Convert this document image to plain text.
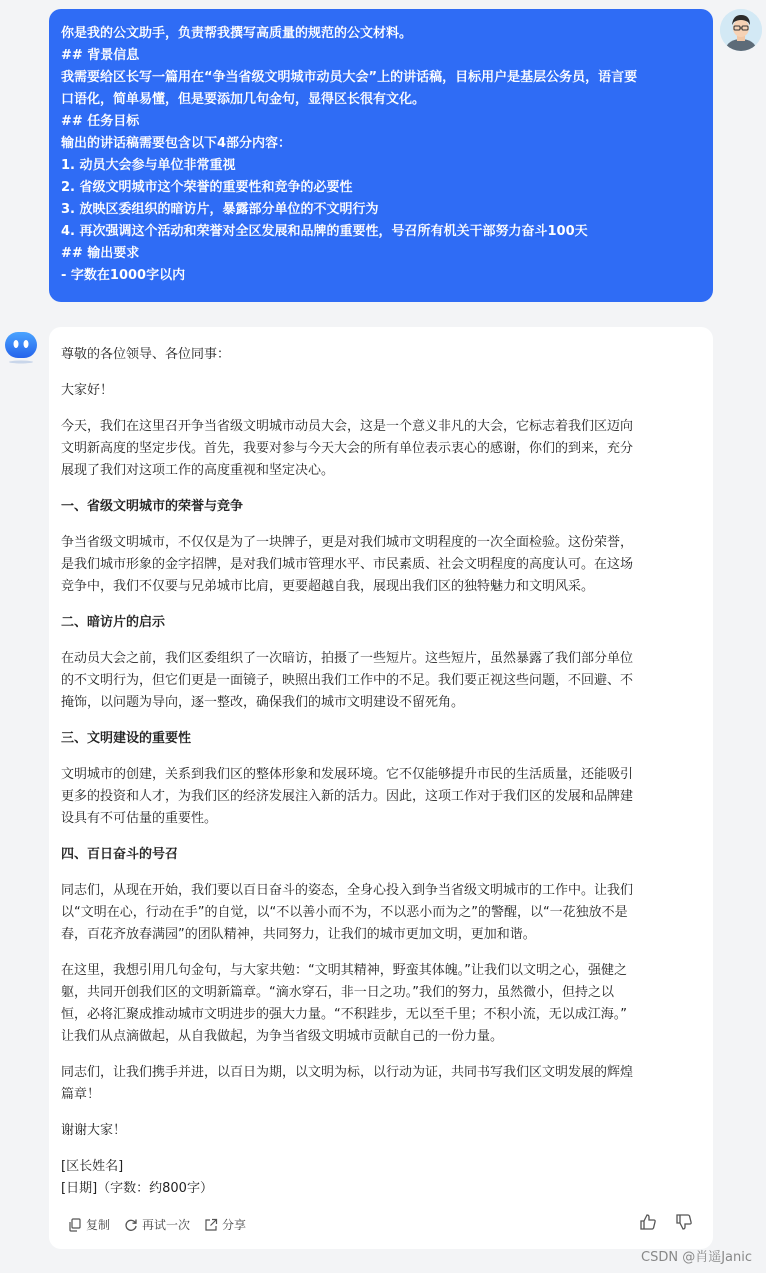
你是我的公文助手，负责帮我撰写高质量的规范的公文材料。
## 背景信息
我需要给区长写一篇用在“争当省级文明城市动员大会”上的讲话稿，目标用户是基层公务员，语言要
口语化，简单易懂，但是要添加几句金句，显得区长很有文化。
## 任务目标
输出的讲话稿需要包含以下4部分内容：
1. 动员大会参与单位非常重视
2. 省级文明城市这个荣誉的重要性和竞争的必要性
3. 放映区委组织的暗访片，暴露部分单位的不文明行为
4. 再次强调这个活动和荣誉对全区发展和品牌的重要性，号召所有机关干部努力奋斗100天
## 输出要求
- 字数在1000字以内

尊敬的各位领导、各位同事：

大家好！

今天，我们在这里召开争当省级文明城市动员大会，这是一个意义非凡的大会，它标志着我们区迈向

文明新高度的坚定步伐。首先，我要对参与今天大会的所有单位表示衷心的感谢，你们的到来，充分

展现了我们对这项工作的高度重视和坚定决心。

一、省级文明城市的荣誉与竞争

争当省级文明城市，不仅仅是为了一块牌子，更是对我们城市文明程度的一次全面检验。这份荣誉，

是我们城市形象的金字招牌，是对我们城市管理水平、市民素质、社会文明程度的高度认可。在这场

竞争中，我们不仅要与兄弟城市比肩，更要超越自我，展现出我们区的独特魅力和文明风采。

二、暗访片的启示

在动员大会之前，我们区委组织了一次暗访，拍摄了一些短片。这些短片，虽然暴露了我们部分单位

的不文明行为，但它们更是一面镜子，映照出我们工作中的不足。我们要正视这些问题，不回避、不

掩饰，以问题为导向，逐一整改，确保我们的城市文明建设不留死角。

三、文明建设的重要性

文明城市的创建，关系到我们区的整体形象和发展环境。它不仅能够提升市民的生活质量，还能吸引

更多的投资和人才，为我们区的经济发展注入新的活力。因此，这项工作对于我们区的发展和品牌建

设具有不可估量的重要性。

四、百日奋斗的号召

同志们，从现在开始，我们要以百日奋斗的姿态，全身心投入到争当省级文明城市的工作中。让我们

以“文明在心，行动在手”的自觉，以“不以善小而不为，不以恶小而为之”的警醒，以“一花独放不是

春，百花齐放春满园”的团队精神，共同努力，让我们的城市更加文明，更加和谐。

在这里，我想引用几句金句，与大家共勉：“文明其精神，野蛮其体魄。”让我们以文明之心，强健之

躯，共同开创我们区的文明新篇章。“滴水穿石，非一日之功。”我们的努力，虽然微小，但持之以

恒，必将汇聚成推动城市文明进步的强大力量。“不积跬步，无以至千里；不积小流，无以成江海。”

让我们从点滴做起，从自我做起，为争当省级文明城市贡献自己的一份力量。

同志们，让我们携手并进，以百日为期，以文明为标，以行动为证，共同书写我们区文明发展的辉煌

篇章！

谢谢大家！

[区长姓名]

[日期]（字数：约800字）

复制	再试一次	分享
CSDN @肖遥Janic
